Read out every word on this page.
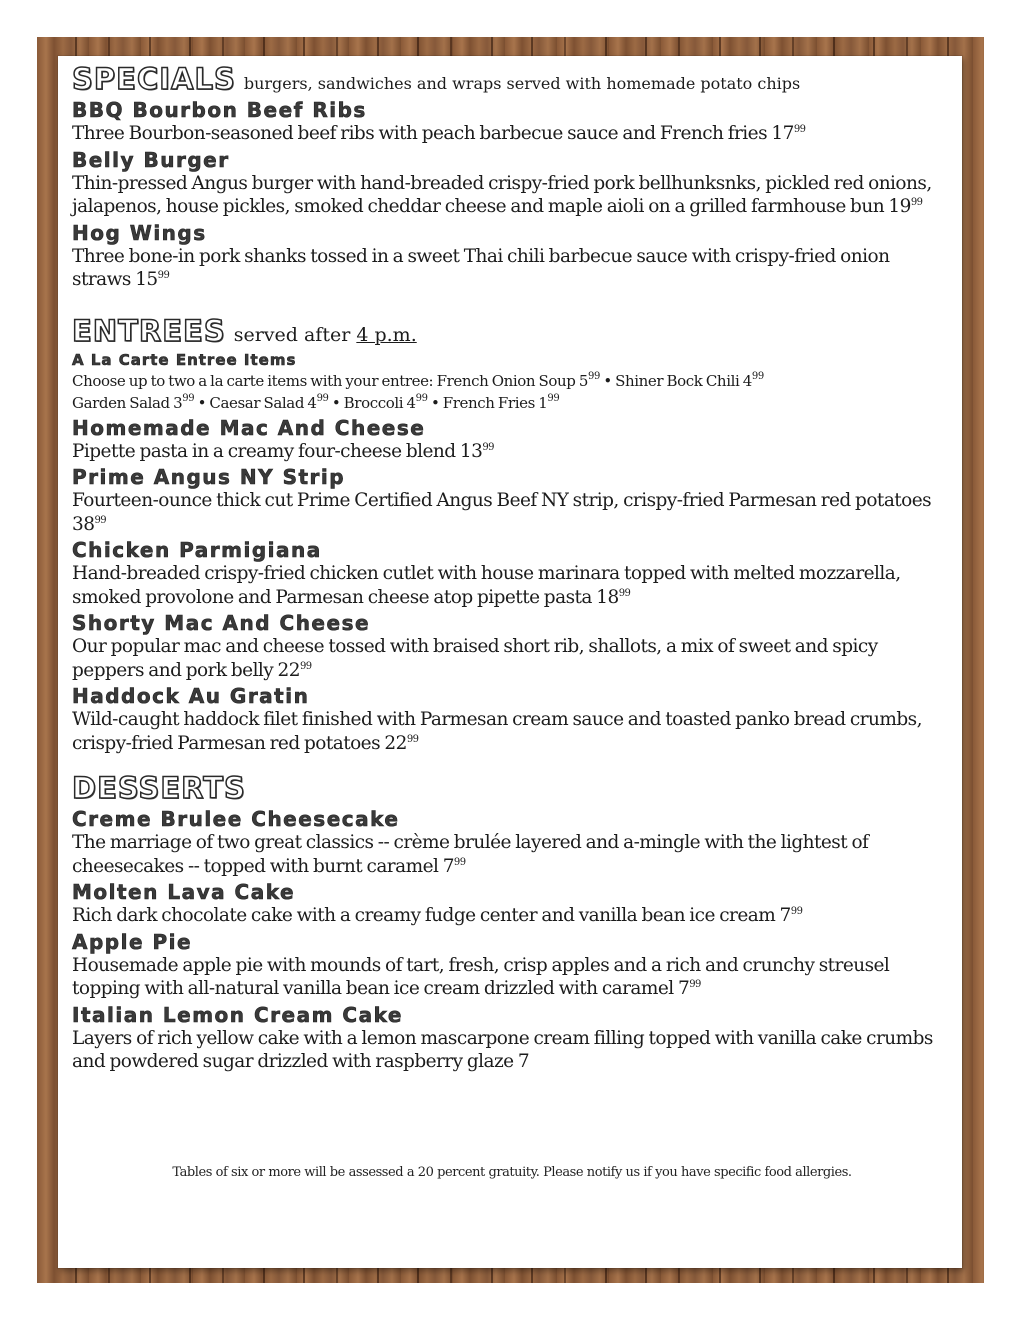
SPECIALS burgers, sandwiches and wraps served with homemade potato chips
BBQ Bourbon Beef Ribs
Three Bourbon-seasoned beef ribs with peach barbecue sauce and French fries $17^{99}$
Belly Burger
Thin-pressed Angus burger with hand-breaded crispy-fried pork bellhunksnks, pickled red onions, jalapenos, house pickles, smoked cheddar cheese and maple aioli on a grilled farmhouse bun $19^{99}$
Hog Wings
Three bone-in pork shanks tossed in a sweet Thai chili barbecue sauce with crispy-fried onion straws $15^{99}$
ENTREES served after 4 p.m.
A La Carte Entree Items
Choose up to two a la carte items with your entree: French Onion Soup $5^{99}$ • Shiner Bock Chili $4^{99}$
Garden Salad $3^{99}$ • Caesar Salad $4^{99}$ • Broccoli $4^{99}$ • French Fries $1^{99}$
Homemade Mac And Cheese
Pipette pasta in a creamy four-cheese blend $13^{99}$
Prime Angus NY Strip
Fourteen-ounce thick cut Prime Certified Angus Beef NY strip, crispy-fried Parmesan red potatoes $38^{99}$
Chicken Parmigiana
Hand-breaded crispy-fried chicken cutlet with house marinara topped with melted mozzarella, smoked provolone and Parmesan cheese atop pipette pasta $18^{99}$
Shorty Mac And Cheese
Our popular mac and cheese tossed with braised short rib, shallots, a mix of sweet and spicy peppers and pork belly $22^{99}$
Haddock Au Gratin
Wild-caught haddock filet finished with Parmesan cream sauce and toasted panko bread crumbs, crispy-fried Parmesan red potatoes $22^{99}$
DESSERTS
Creme Brulee Cheesecake
The marriage of two great classics -- crème brulée layered and a-mingle with the lightest of cheesecakes -- topped with burnt caramel $7^{99}$
Molten Lava Cake
Rich dark chocolate cake with a creamy fudge center and vanilla bean ice cream $7^{99}$
Apple Pie
Housemade apple pie with mounds of tart, fresh, crisp apples and a rich and crunchy streusel topping with all-natural vanilla bean ice cream drizzled with caramel $7^{99}$
Italian Lemon Cream Cake
Layers of rich yellow cake with a lemon mascarpone cream filling topped with vanilla cake crumbs and powdered sugar drizzled with raspberry glaze 7
Tables of six or more will be assessed a 20 percent gratuity. Please notify us if you have specific food allergies.
